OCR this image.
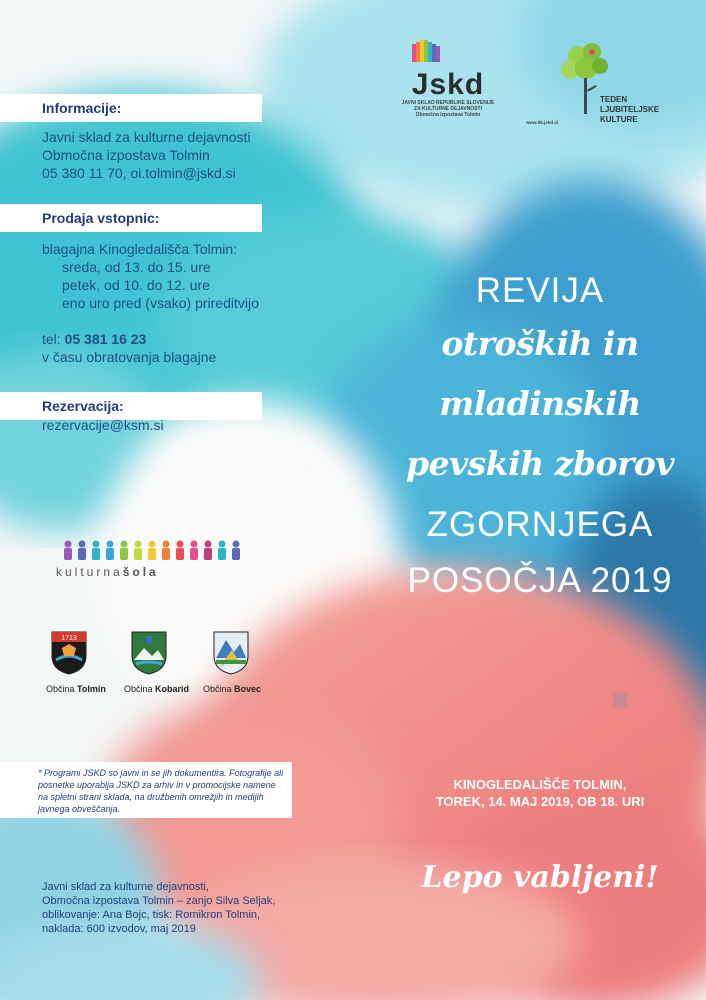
Jskd
JAVNI SKLAD REPUBLIKE SLOVENIJE
ZA KULTURNE DEJAVNOSTI
Območna izpostava Tolmin
www.tlk.jskd.si
TEDEN
LJUBITELJSKE
KULTURE
Informacije:
Javni sklad za kulturne dejavnosti
Območna izpostava Tolmin
05 380 11 70, oi.tolmin@jskd.si
Prodaja vstopnic:
blagajna Kinogledališča Tolmin:
sreda, od 13. do 15. ure
petek, od 10. do 12. ure
eno uro pred (vsako) prireditvijo
tel: 05 381 16 23
v času obratovanja blagajne
Rezervacija:
rezervacije@ksm.si
kulturnašola
1713
Občina Tolmin Občina Kobarid Občina Bovec

* Programi JSKD so javni in se jih dokumentira. Fotografije ali posnetke uporablja JSKD za arhiv in v promocijske namene na spletni strani sklada, na družbenih omrežjih in medijih javnega obveščanja.

Javni sklad za kulturne dejavnosti,
Območna izpostava Tolmin – zanjo Silva Seljak,
oblikovanje: Ana Bojc, tisk: Romikron Tolmin,
naklada: 600 izvodov, maj 2019
REVIJA
otroških in
mladinskih
pevskih zborov
ZGORNJEGA
POSOČJA 2019
KINOGLEDALIŠČE TOLMIN,
TOREK, 14. MAJ 2019, OB 18. URI
Lepo vabljeni!
